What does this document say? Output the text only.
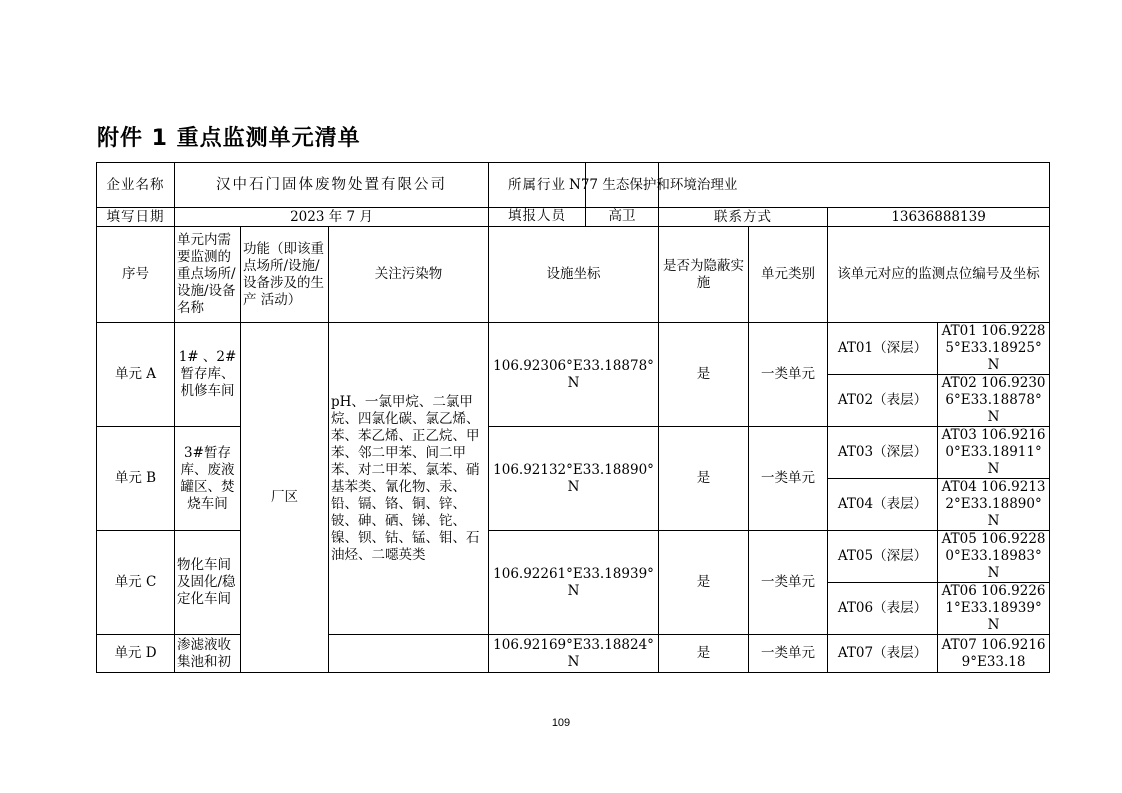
附件 1 重点监测单元清单
企业名称	汉中石门固体废物处置有限公司			所属行业	N77 生态保护和环境治理业			
填写日期	2023 年 7 月			填报人员 高卫	联系方式		13636888139	
序号	单元内需要监测的重点场所/设施/设备名称	功能（即该重点场所/设施/设备涉及的生产 活动）	关注污染物	设施坐标	是否为隐蔽实施	单元类别	该单元对应的监测点位编号及坐标	
单元 A	1# 、2#暂存库、机修车间	厂区	pH、一氯甲烷、二氯甲烷、四氯化碳、氯乙烯、苯、苯乙烯、正乙烷、甲苯、邻二甲苯、间二甲苯、对二甲苯、氯苯、硝基苯类、氰化物、汞、铅、镉、铬、铜、锌、铍、砷、硒、锑、铊、镍、钡、钴、锰、钼、石油烃、二噁英类	106.92306°E33.18878°N	是	一类单元	AT01（深层）	AT01 106.92285°E33.18925°N
							AT02（表层）	AT02 106.92306°E33.18878°N
单元 B	3#暂存库、废液罐区、焚烧车间			106.92132°E33.18890°N	是	一类单元	AT03（深层）	AT03 106.92160°E33.18911°N
							AT04（表层）	AT04 106.92132°E33.18890°N
单元 C	物化车间及固化/稳定化车间			106.92261°E33.18939°N	是	一类单元	AT05（深层）	AT05 106.92280°E33.18983°N
							AT06（表层）	AT06 106.92261°E33.18939°N
单元 D	渗滤液收集池和初			106.92169°E33.18824°N	是	一类单元	AT07（表层）	AT07 106.92169°E33.18
109
